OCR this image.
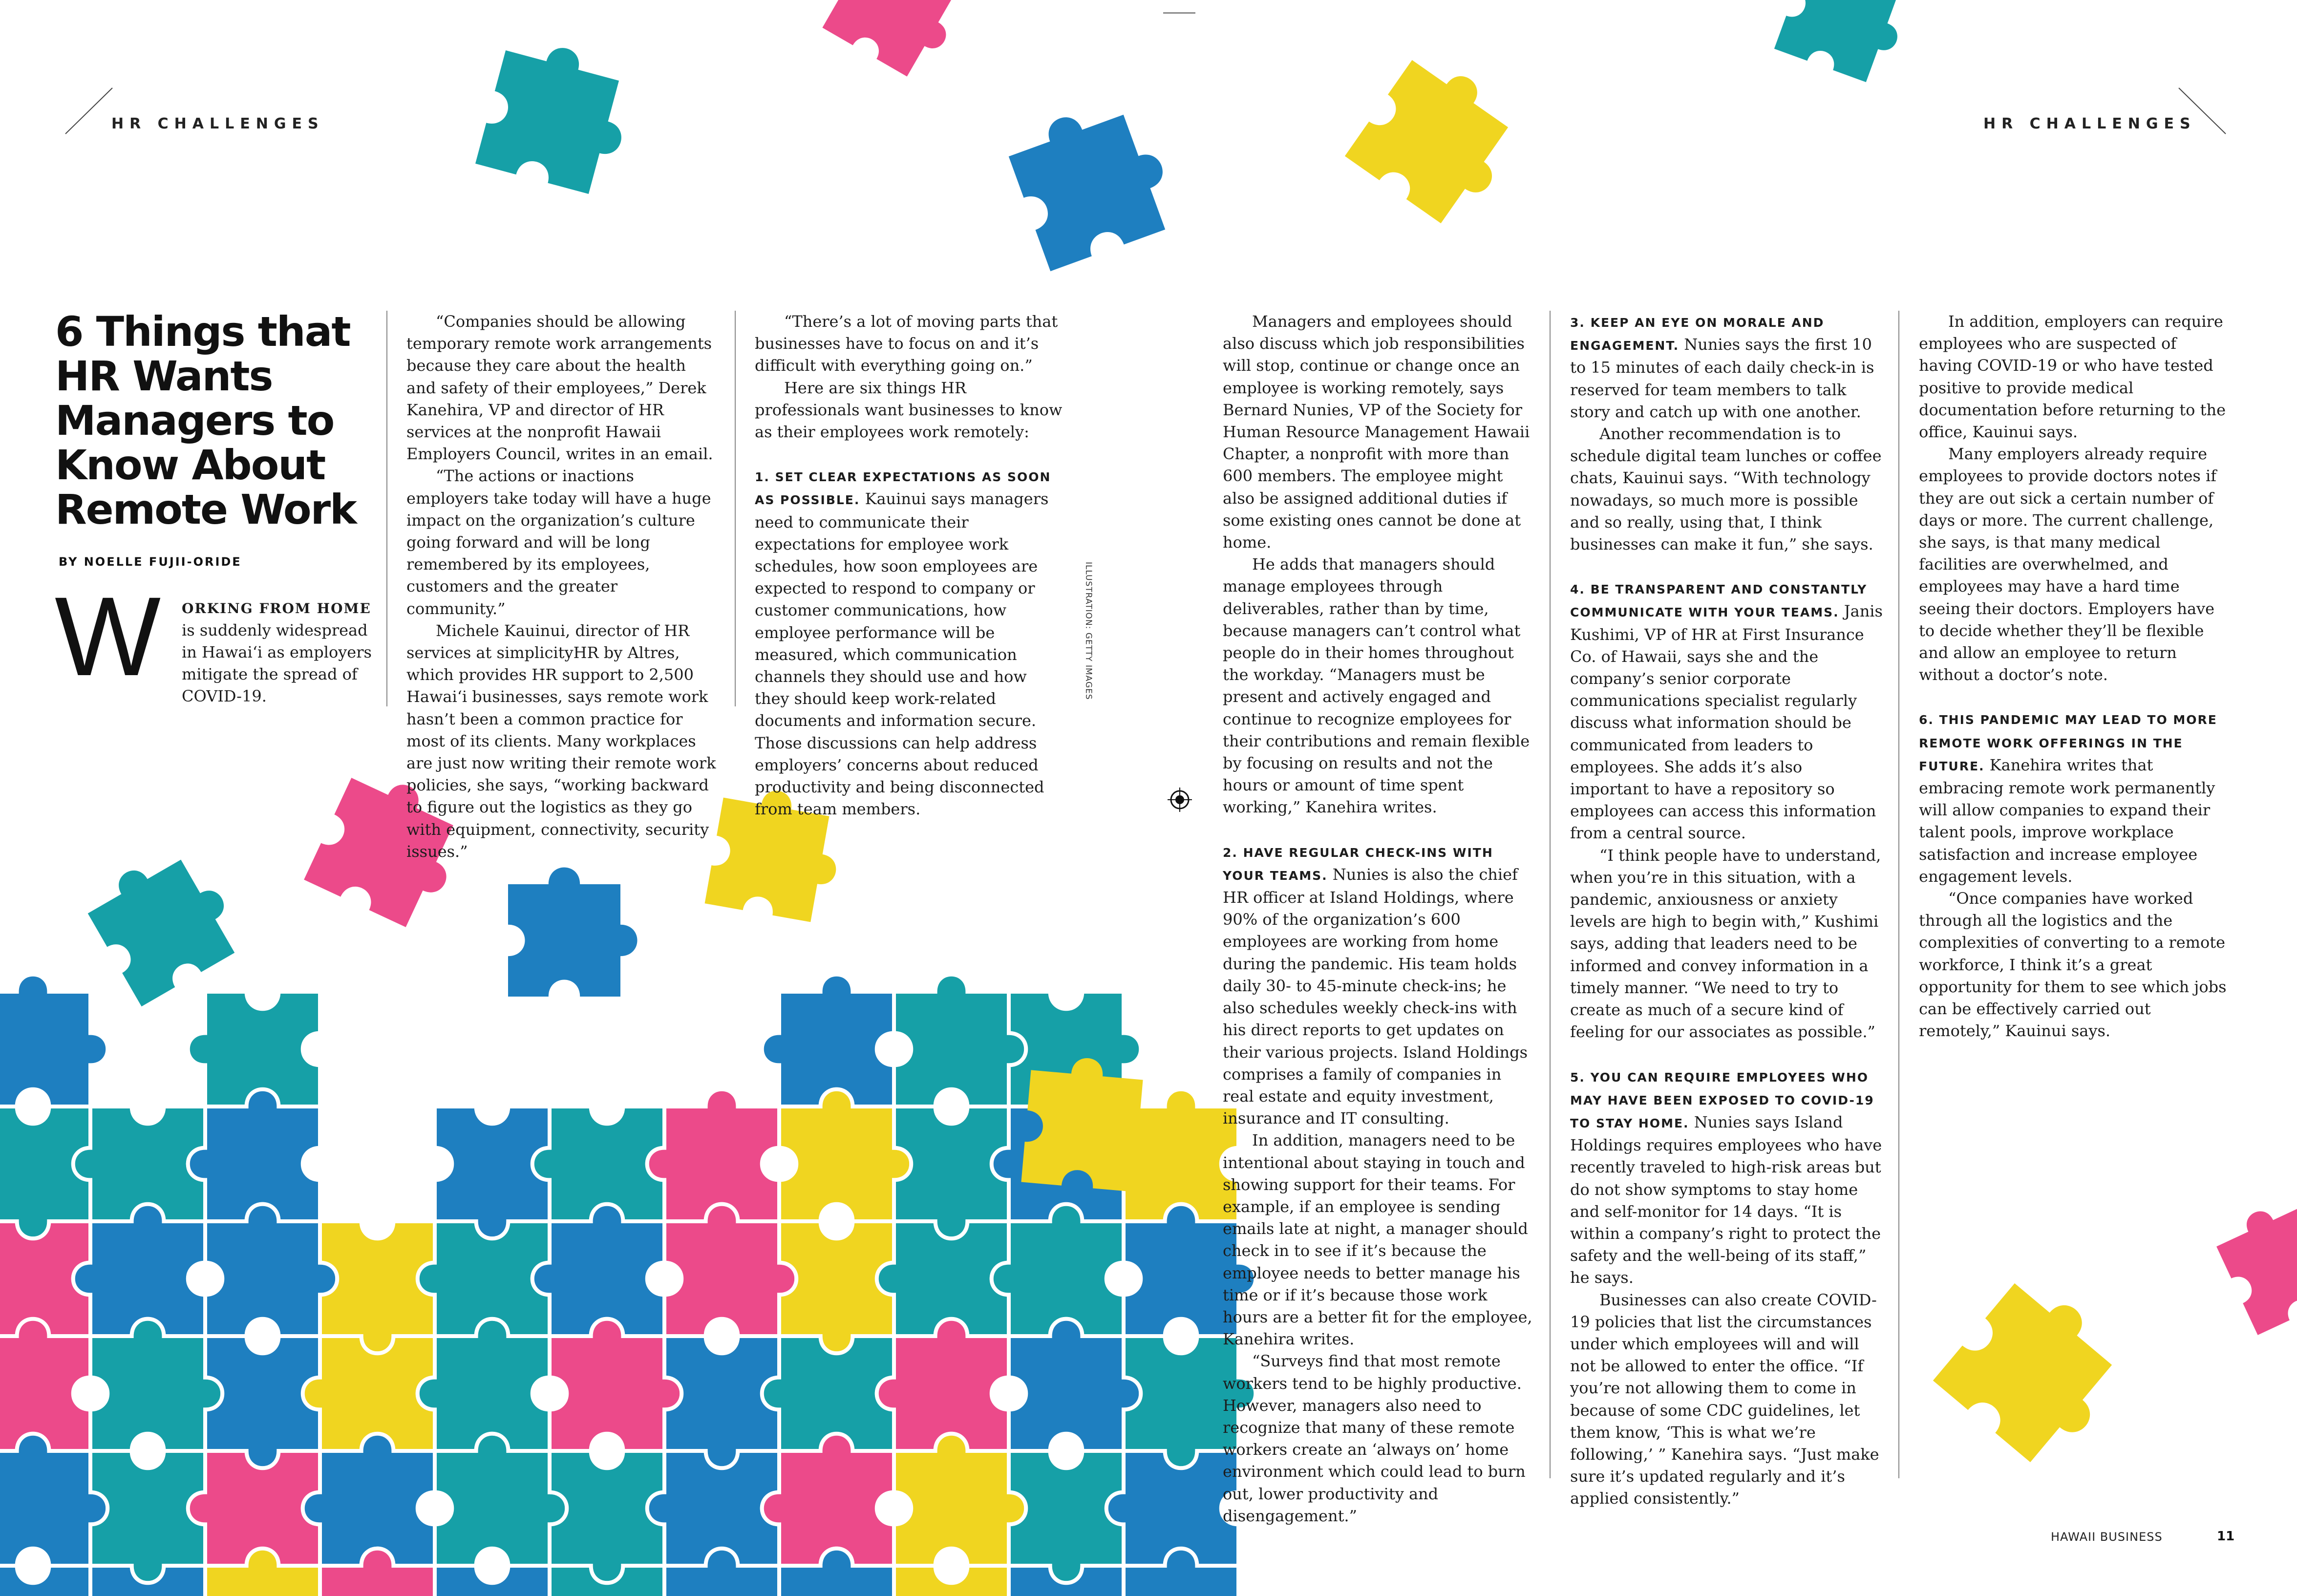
HR CHALLENGES
6 Things that HR Wants Managers to Know About Remote Work
BY NOELLE FUJII-ORIDE
W ORKING FROM HOME is suddenly widespread in Hawai‘i as employers mitigate the spread of COVID-19.

“Companies should be allowing temporary remote work arrangements because they care about the health and safety of their employees,” Derek Kanehira, VP and director of HR services at the nonprofit Hawaii Employers Council, writes in an email.

“The actions or inactions employers take today will have a huge impact on the organization’s culture going forward and will be long remembered by its employees, customers and the greater community.”

Michele Kauinui, director of HR services at simplicityHR by Altres, which provides HR support to 2,500 Hawai‘i businesses, says remote work hasn’t been a common practice for most of its clients. Many workplaces are just now writing their remote work policies, she says, “working backward to figure out the logistics as they go with equipment, connectivity, security issues.”

“There’s a lot of moving parts that businesses have to focus on and it’s difficult with everything going on.”

Here are six things HR professionals want businesses to know as their employees work remotely:

1. SET CLEAR EXPECTATIONS AS SOON AS POSSIBLE. Kauinui says managers need to communicate their expectations for employee work schedules, how soon employees are expected to respond to company or customer communications, how employee performance will be measured, which communication channels they should use and how they should keep work-related documents and information secure. Those discussions can help address employers’ concerns about reduced productivity and being disconnected from team members.

ILLUSTRATION: GETTY IMAGES
HR CHALLENGES

Managers and employees should also discuss which job responsibilities will stop, continue or change once an employee is working remotely, says Bernard Nunies, VP of the Society for Human Resource Management Hawaii Chapter, a nonprofit with more than 600 members. The employee might also be assigned additional duties if some existing ones cannot be done at home.

He adds that managers should manage employees through deliverables, rather than by time, because managers can’t control what people do in their homes throughout the workday. “Managers must be present and actively engaged and continue to recognize employees for their contributions and remain flexible by focusing on results and not the hours or amount of time spent working,” Kanehira writes.

2. HAVE REGULAR CHECK-INS WITH YOUR TEAMS. Nunies is also the chief HR officer at Island Holdings, where 90% of the organization’s 600 employees are working from home during the pandemic. His team holds daily 30- to 45-minute check-ins; he also schedules weekly check-ins with his direct reports to get updates on their various projects. Island Holdings comprises a family of companies in real estate and equity investment, insurance and IT consulting.

In addition, managers need to be intentional about staying in touch and showing support for their teams. For example, if an employee is sending emails late at night, a manager should check in to see if it’s because the employee needs to better manage his time or if it’s because those work hours are a better fit for the employee, Kanehira writes.

“Surveys find that most remote workers tend to be highly productive. However, managers also need to recognize that many of these remote workers create an ‘always on’ home environment which could lead to burn out, lower productivity and disengagement.”

3. KEEP AN EYE ON MORALE AND ENGAGEMENT. Nunies says the first 10 to 15 minutes of each daily check-in is reserved for team members to talk story and catch up with one another.

Another recommendation is to schedule digital team lunches or coffee chats, Kauinui says. “With technology nowadays, so much more is possible and so really, using that, I think businesses can make it fun,” she says.

4. BE TRANSPARENT AND CONSTANTLY COMMUNICATE WITH YOUR TEAMS. Janis Kushimi, VP of HR at First Insurance Co. of Hawaii, says she and the company’s senior corporate communications specialist regularly discuss what information should be communicated from leaders to employees. She adds it’s also important to have a repository so employees can access this information from a central source.

“I think people have to understand, when you’re in this situation, with a pandemic, anxiousness or anxiety levels are high to begin with,” Kushimi says, adding that leaders need to be informed and convey information in a timely manner. “We need to try to create as much of a secure kind of feeling for our associates as possible.”

5. YOU CAN REQUIRE EMPLOYEES WHO MAY HAVE BEEN EXPOSED TO COVID-19 TO STAY HOME. Nunies says Island Holdings requires employees who have recently traveled to high-risk areas but do not show symptoms to stay home and self-monitor for 14 days. “It is within a company’s right to protect the safety and the well-being of its staff,” he says.

Businesses can also create COVID-19 policies that list the circumstances under which employees will and will not be allowed to enter the office. “If you’re not allowing them to come in because of some CDC guidelines, let them know, ‘This is what we’re following,’ ” Kanehira says. “Just make sure it’s updated regularly and it’s applied consistently.”

In addition, employers can require employees who are suspected of having COVID-19 or who have tested positive to provide medical documentation before returning to the office, Kauinui says.

Many employers already require employees to provide doctors notes if they are out sick a certain number of days or more. The current challenge, she says, is that many medical facilities are overwhelmed, and employees may have a hard time seeing their doctors. Employers have to decide whether they’ll be flexible and allow an employee to return without a doctor’s note.

6. THIS PANDEMIC MAY LEAD TO MORE REMOTE WORK OFFERINGS IN THE FUTURE. Kanehira writes that embracing remote work permanently will allow companies to expand their talent pools, improve workplace satisfaction and increase employee engagement levels.

“Once companies have worked through all the logistics and the complexities of converting to a remote workforce, I think it’s a great opportunity for them to see which jobs can be effectively carried out remotely,” Kauinui says.

HAWAII BUSINESS	11
